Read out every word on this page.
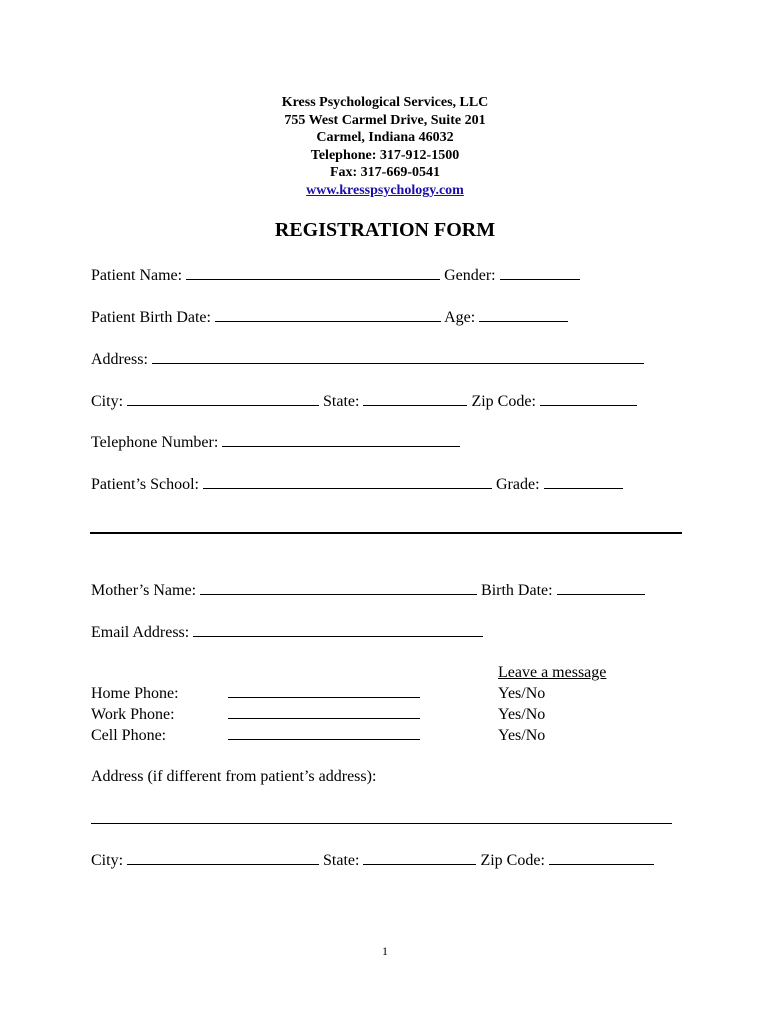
Kress Psychological Services, LLC
755 West Carmel Drive, Suite 201
Carmel, Indiana 46032
Telephone: 317-912-1500
Fax: 317-669-0541
www.kresspsychology.com
REGISTRATION FORM
Patient Name:	Gender:
Patient Birth Date:	Age:
Address:
City:	State:	Zip Code:
Telephone Number:
Patient’s School:	Grade:
Mother’s Name:	Birth Date:
Email Address:
Leave a message
Home Phone:	Yes/No
Work Phone:	Yes/No
Cell Phone:	Yes/No
Address (if different from patient’s address):
City:	State:	Zip Code:
1
